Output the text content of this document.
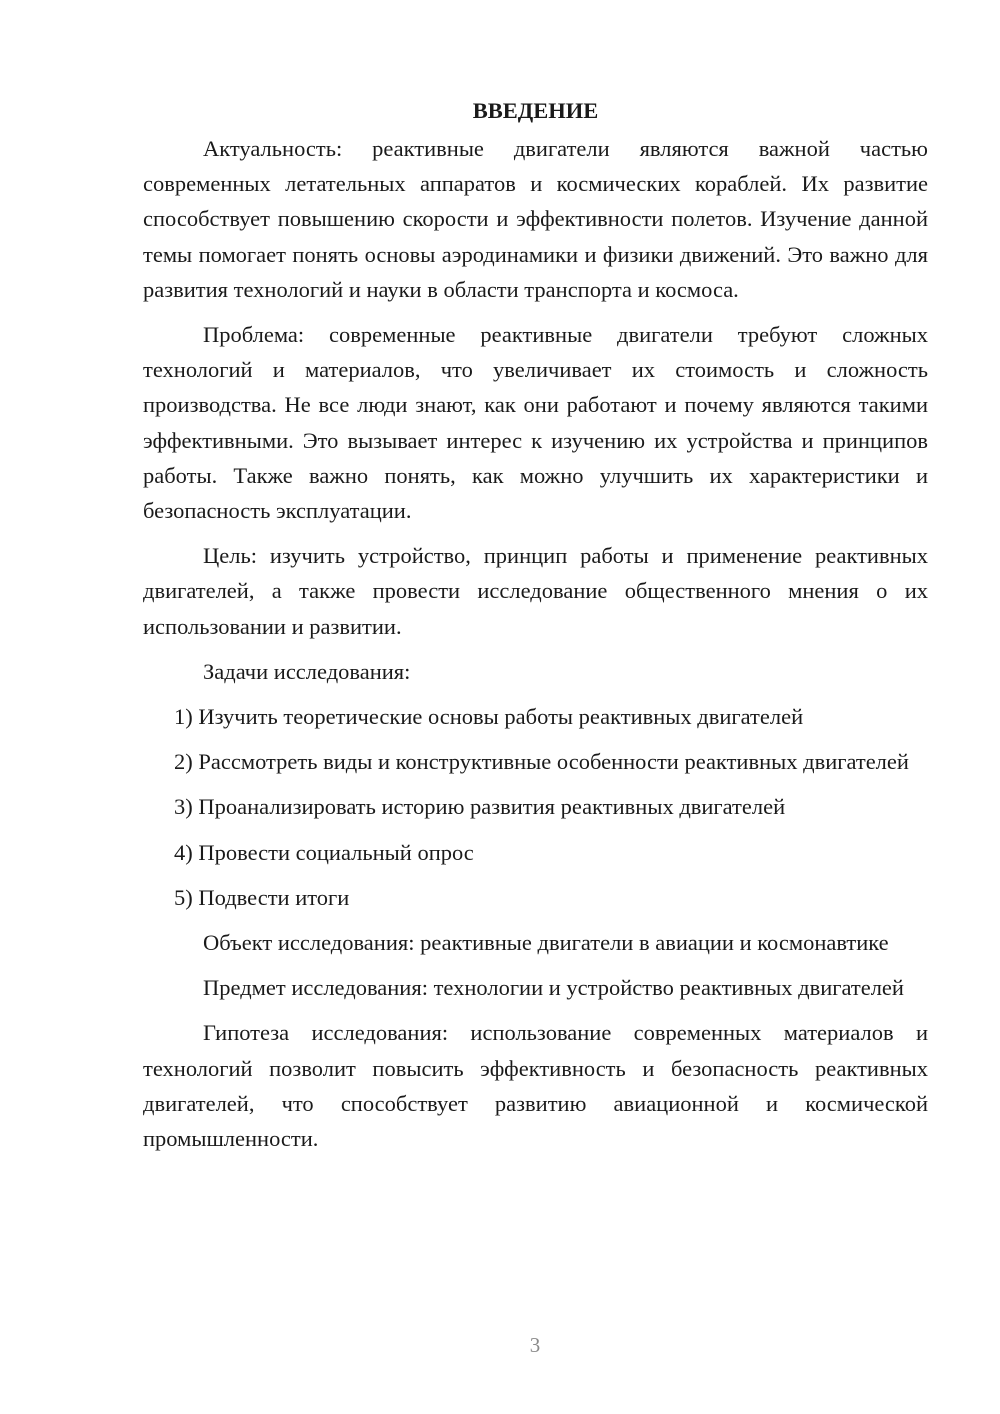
ВВЕДЕНИЕ

Актуальность: реактивные двигатели являются важной частью современных летательных аппаратов и космических кораблей. Их развитие способствует повышению скорости и эффективности полетов. Изучение данной темы помогает понять основы аэродинамики и физики движений. Это важно для развития технологий и науки в области транспорта и космоса.

Проблема: современные реактивные двигатели требуют сложных технологий и материалов, что увеличивает их стоимость и сложность производства. Не все люди знают, как они работают и почему являются такими эффективными. Это вызывает интерес к изучению их устройства и принципов работы. Также важно понять, как можно улучшить их характеристики и безопасность эксплуатации.

Цель: изучить устройство, принцип работы и применение реактивных двигателей, а также провести исследование общественного мнения о их использовании и развитии.

Задачи исследования:

1) Изучить теоретические основы работы реактивных двигателей

2) Рассмотреть виды и конструктивные особенности реактивных двигателей

3) Проанализировать историю развития реактивных двигателей

4) Провести социальный опрос

5) Подвести итоги

Объект исследования: реактивные двигатели в авиации и космонавтике

Предмет исследования: технологии и устройство реактивных двигателей

Гипотеза исследования: использование современных материалов и технологий позволит повысить эффективность и безопасность реактивных двигателей, что способствует развитию авиационной и космической промышленности.

3
